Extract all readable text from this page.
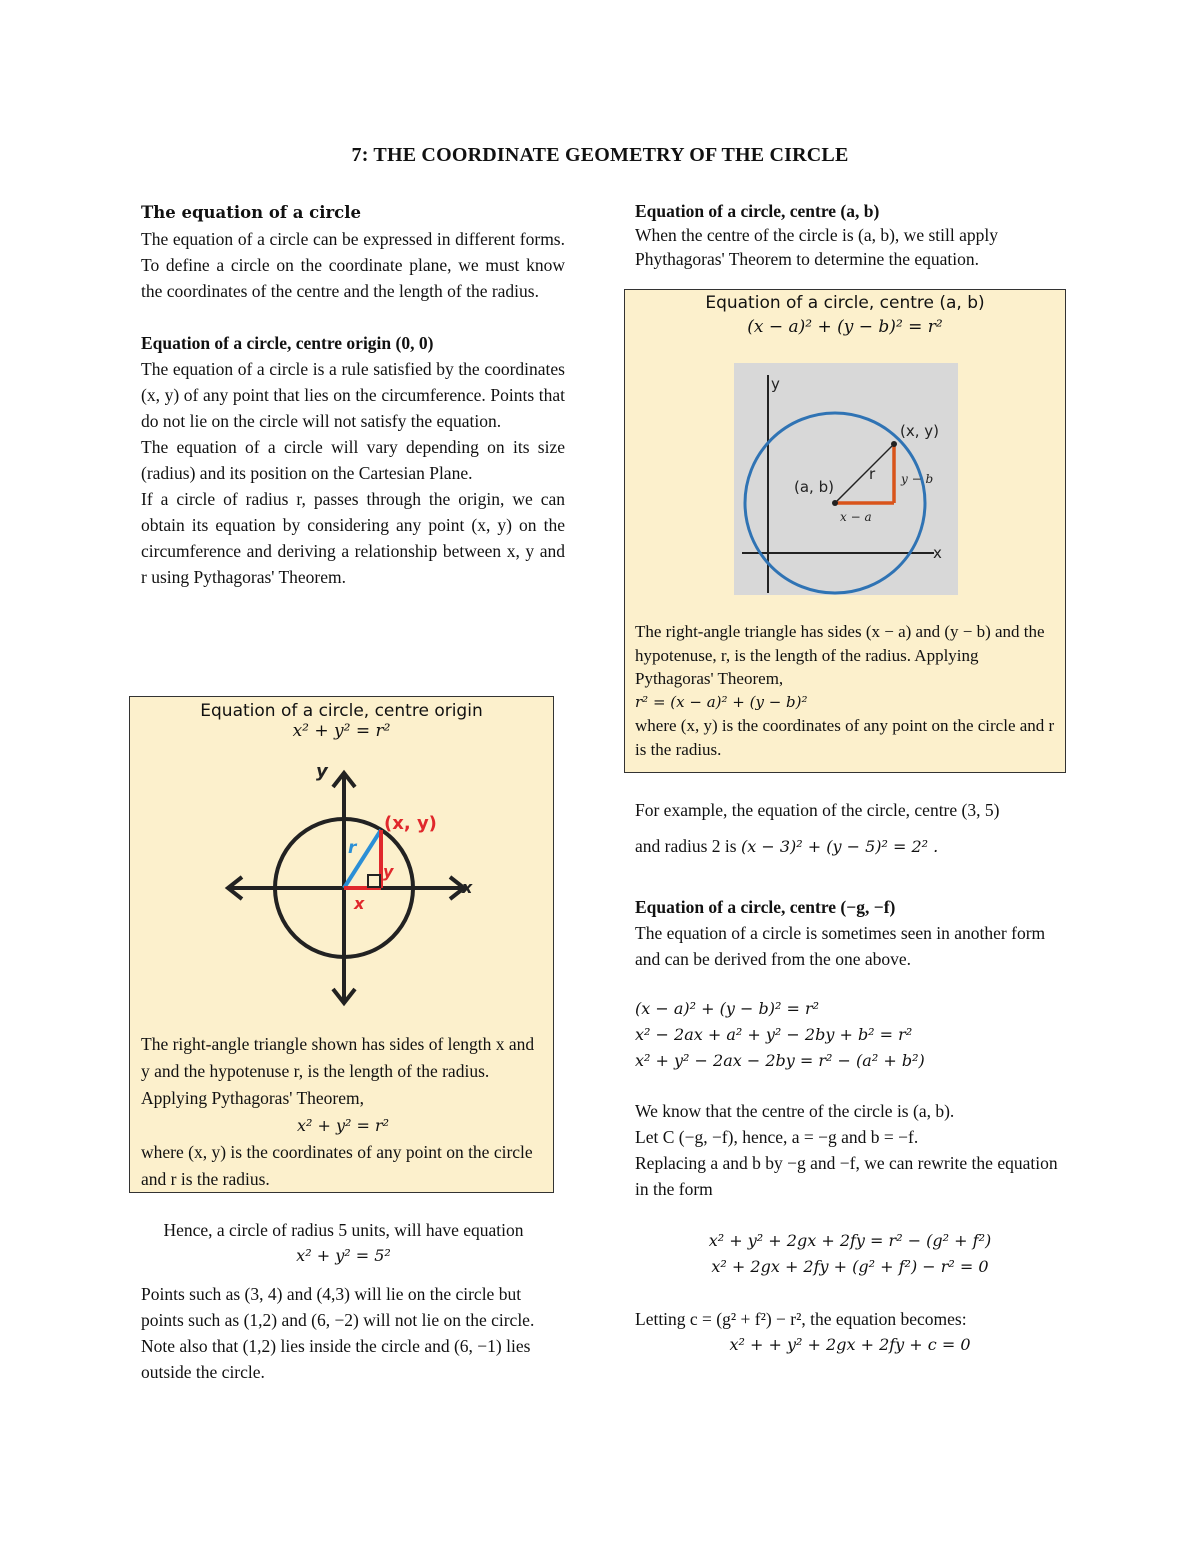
7: THE COORDINATE GEOMETRY OF THE CIRCLE

The equation of a circle

The equation of a circle can be expressed in different forms. To define a circle on the coordinate plane, we must know the coordinates of the centre and the length of the radius.

Equation of a circle, centre origin (0, 0)

The equation of a circle is a rule satisfied by the coordinates (x, y) of any point that lies on the circumference. Points that do not lie on the circle will not satisfy the equation.

The equation of a circle will vary depending on its size (radius) and its position on the Cartesian Plane.

If a circle of radius r, passes through the origin, we can obtain its equation by considering any point (x, y) on the circumference and deriving a relationship between x, y and r using Pythagoras' Theorem.

Equation of a circle, centre origin
x² + y² = r²
y
x
(x, y)
r
y
x

The right-angle triangle shown has sides of length x and y and the hypotenuse r, is the length of the radius. Applying Pythagoras' Theorem,

x² + y² = r²

where (x, y) is the coordinates of any point on the circle and r is the radius.

Hence, a circle of radius 5 units, will have equation

x² + y² = 5²

Points such as (3, 4) and (4,3) will lie on the circle but points such as (1,2) and (6, −2) will not lie on the circle. Note also that (1,2) lies inside the circle and (6, −1) lies outside the circle.

Equation of a circle, centre (a, b)

When the centre of the circle is (a, b), we still apply Phythagoras' Theorem to determine the equation.

Equation of a circle, centre (a, b)
(x − a)² + (y − b)² = r²
y
x
(x, y)
(a, b)
r y − b
x − a

The right-angle triangle has sides (x − a) and (y − b) and the hypotenuse, r, is the length of the radius. Applying Pythagoras' Theorem,

r² = (x − a)² + (y − b)²

where (x, y) is the coordinates of any point on the circle and r is the radius.

For example, the equation of the circle, centre (3, 5)

and radius 2 is (x − 3)² + (y − 5)² = 2² .

Equation of a circle, centre (−g, −f)

The equation of a circle is sometimes seen in another form and can be derived from the one above.

(x − a)² + (y − b)² = r²

x² − 2ax + a² + y² − 2by + b² = r²

x² + y² − 2ax − 2by = r² − (a² + b²)

We know that the centre of the circle is (a, b).

Let C (−g, −f), hence, a = −g and b = −f.

Replacing a and b by −g and −f, we can rewrite the equation in the form

x² + y² + 2gx + 2fy = r² − (g² + f²)

x² + 2gx + 2fy + (g² + f²) − r² = 0

Letting c = (g² + f²) − r², the equation becomes:

x² + + y² + 2gx + 2fy + c = 0
